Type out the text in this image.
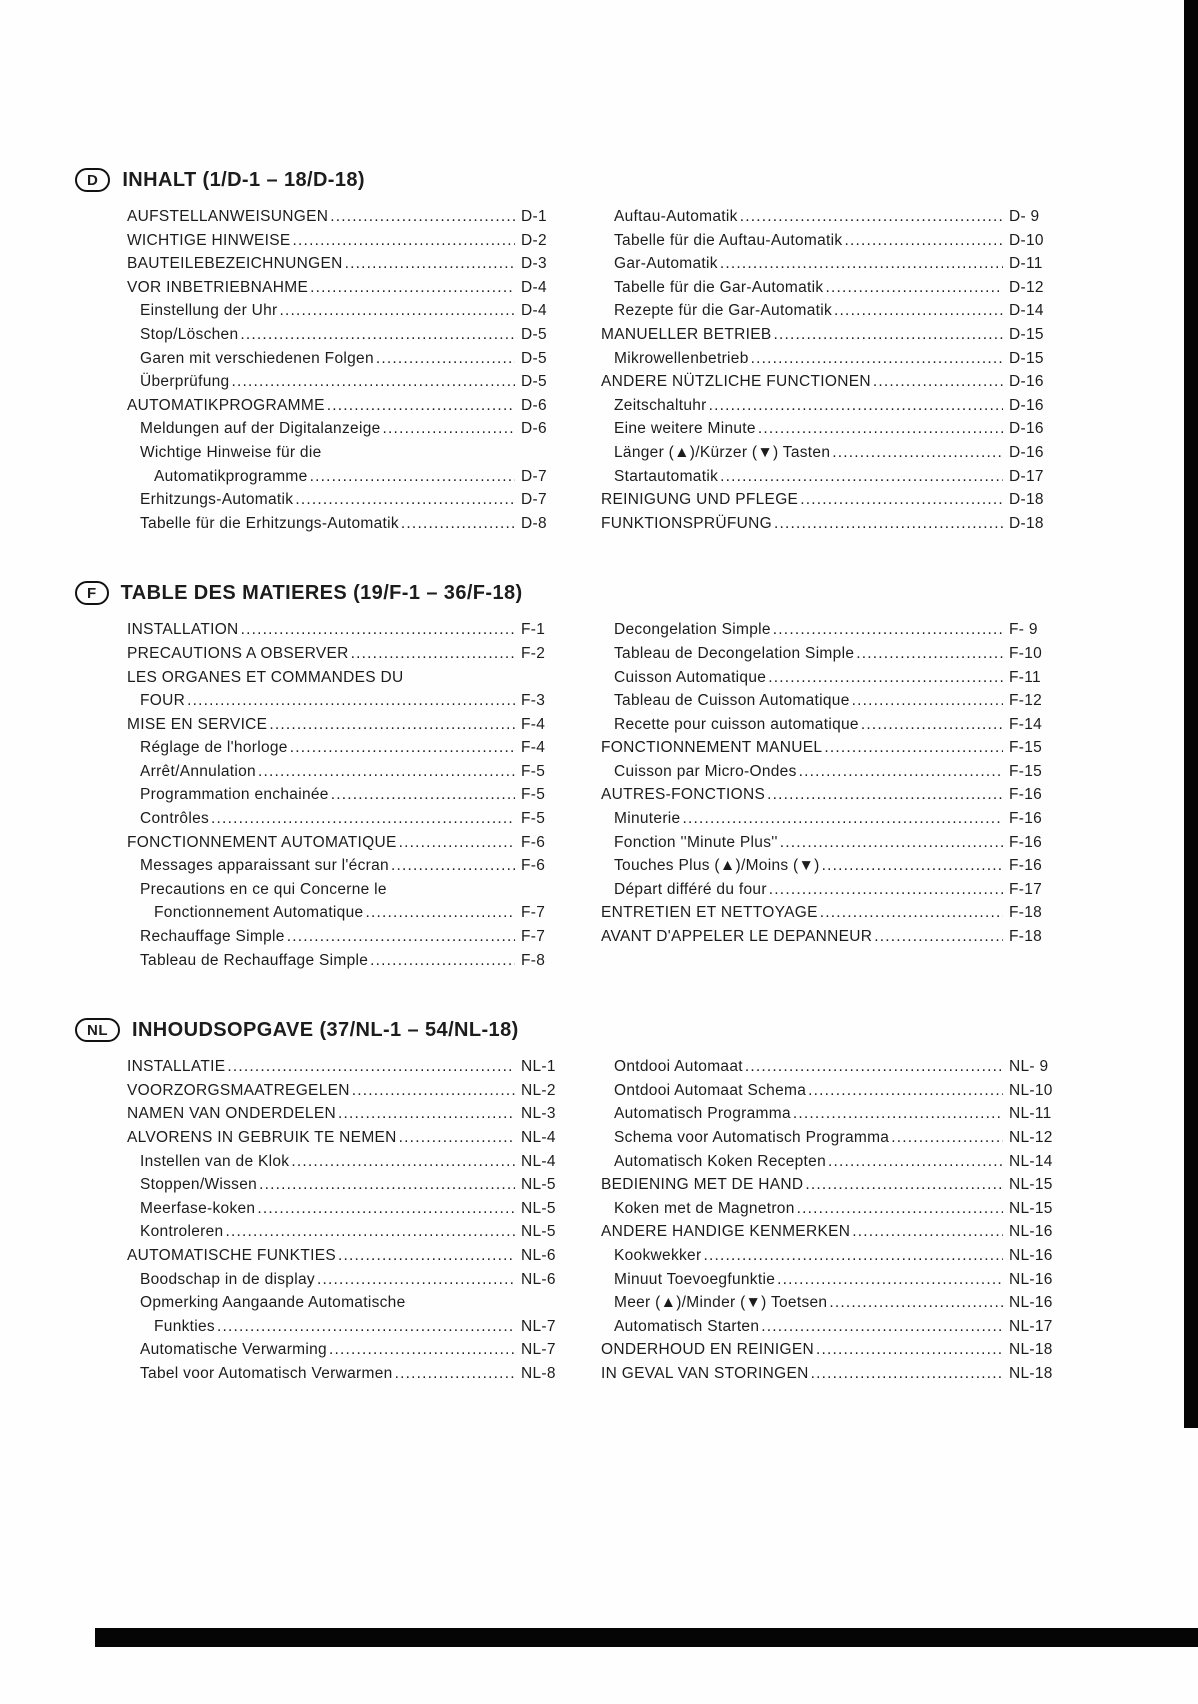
D	INHALT (1/D-1 – 18/D-18)
AUFSTELLANWEISUNGEN .....	D-1
WICHTIGE HINWEISE .....	D-2
BAUTEILEBEZEICHNUNGEN .....	D-3
VOR INBETRIEBNAHME .....	D-4
Einstellung der Uhr .....	D-4
Stop/Löschen .....	D-5
Garen mit verschiedenen Folgen .....	D-5
Überprüfung .....	D-5
AUTOMATIKPROGRAMME .....	D-6
Meldungen auf der Digitalanzeige .....	D-6
Wichtige Hinweise für die
Automatikprogramme .....	D-7
Erhitzungs-Automatik .....	D-7
Tabelle für die Erhitzungs-Automatik .....	D-8
Auftau-Automatik .....	D- 9
Tabelle für die Auftau-Automatik .....	D-10
Gar-Automatik .....	D-11
Tabelle für die Gar-Automatik .....	D-12
Rezepte für die Gar-Automatik .....	D-14
MANUELLER BETRIEB .....	D-15
Mikrowellenbetrieb .....	D-15
ANDERE NÜTZLICHE FUNCTIONEN .....	D-16
Zeitschaltuhr .....	D-16
Eine weitere Minute .....	D-16
Länger (▲)/Kürzer (▼) Tasten .....	D-16
Startautomatik .....	D-17
REINIGUNG UND PFLEGE .....	D-18
FUNKTIONSPRÜFUNG .....	D-18
F	TABLE DES MATIERES (19/F-1 – 36/F-18)
INSTALLATION .....	F-1
PRECAUTIONS A OBSERVER .....	F-2
LES ORGANES ET COMMANDES DU
FOUR .....	F-3
MISE EN SERVICE .....	F-4
Réglage de l'horloge .....	F-4
Arrêt/Annulation .....	F-5
Programmation enchainée .....	F-5
Contrôles .....	F-5
FONCTIONNEMENT AUTOMATIQUE .....	F-6
Messages apparaissant sur l'écran .....	F-6
Precautions en ce qui Concerne le
Fonctionnement Automatique .....	F-7
Rechauffage Simple .....	F-7
Tableau de Rechauffage Simple .....	F-8
Decongelation Simple .....	F- 9
Tableau de Decongelation Simple .....	F-10
Cuisson Automatique .....	F-11
Tableau de Cuisson Automatique .....	F-12
Recette pour cuisson automatique .....	F-14
FONCTIONNEMENT MANUEL .....	F-15
Cuisson par Micro-Ondes .....	F-15
AUTRES-FONCTIONS .....	F-16
Minuterie .....	F-16
Fonction ''Minute Plus'' .....	F-16
Touches Plus (▲)/Moins (▼) .....	F-16
Départ différé du four .....	F-17
ENTRETIEN ET NETTOYAGE .....	F-18
AVANT D'APPELER LE DEPANNEUR .....	F-18
NL	INHOUDSOPGAVE (37/NL-1 – 54/NL-18)
INSTALLATIE .....	NL-1
VOORZORGSMAATREGELEN .....	NL-2
NAMEN VAN ONDERDELEN .....	NL-3
ALVORENS IN GEBRUIK TE NEMEN .....	NL-4
Instellen van de Klok .....	NL-4
Stoppen/Wissen .....	NL-5
Meerfase-koken .....	NL-5
Kontroleren .....	NL-5
AUTOMATISCHE FUNKTIES .....	NL-6
Boodschap in de display .....	NL-6
Opmerking Aangaande Automatische
Funkties .....	NL-7
Automatische Verwarming .....	NL-7
Tabel voor Automatisch Verwarmen .....	NL-8
Ontdooi Automaat .....	NL- 9
Ontdooi Automaat Schema .....	NL-10
Automatisch Programma .....	NL-11
Schema voor Automatisch Programma .....	NL-12
Automatisch Koken Recepten .....	NL-14
BEDIENING MET DE HAND .....	NL-15
Koken met de Magnetron .....	NL-15
ANDERE HANDIGE KENMERKEN .....	NL-16
Kookwekker .....	NL-16
Minuut Toevoegfunktie .....	NL-16
Meer (▲)/Minder (▼) Toetsen .....	NL-16
Automatisch Starten .....	NL-17
ONDERHOUD EN REINIGEN .....	NL-18
IN GEVAL VAN STORINGEN .....	NL-18
